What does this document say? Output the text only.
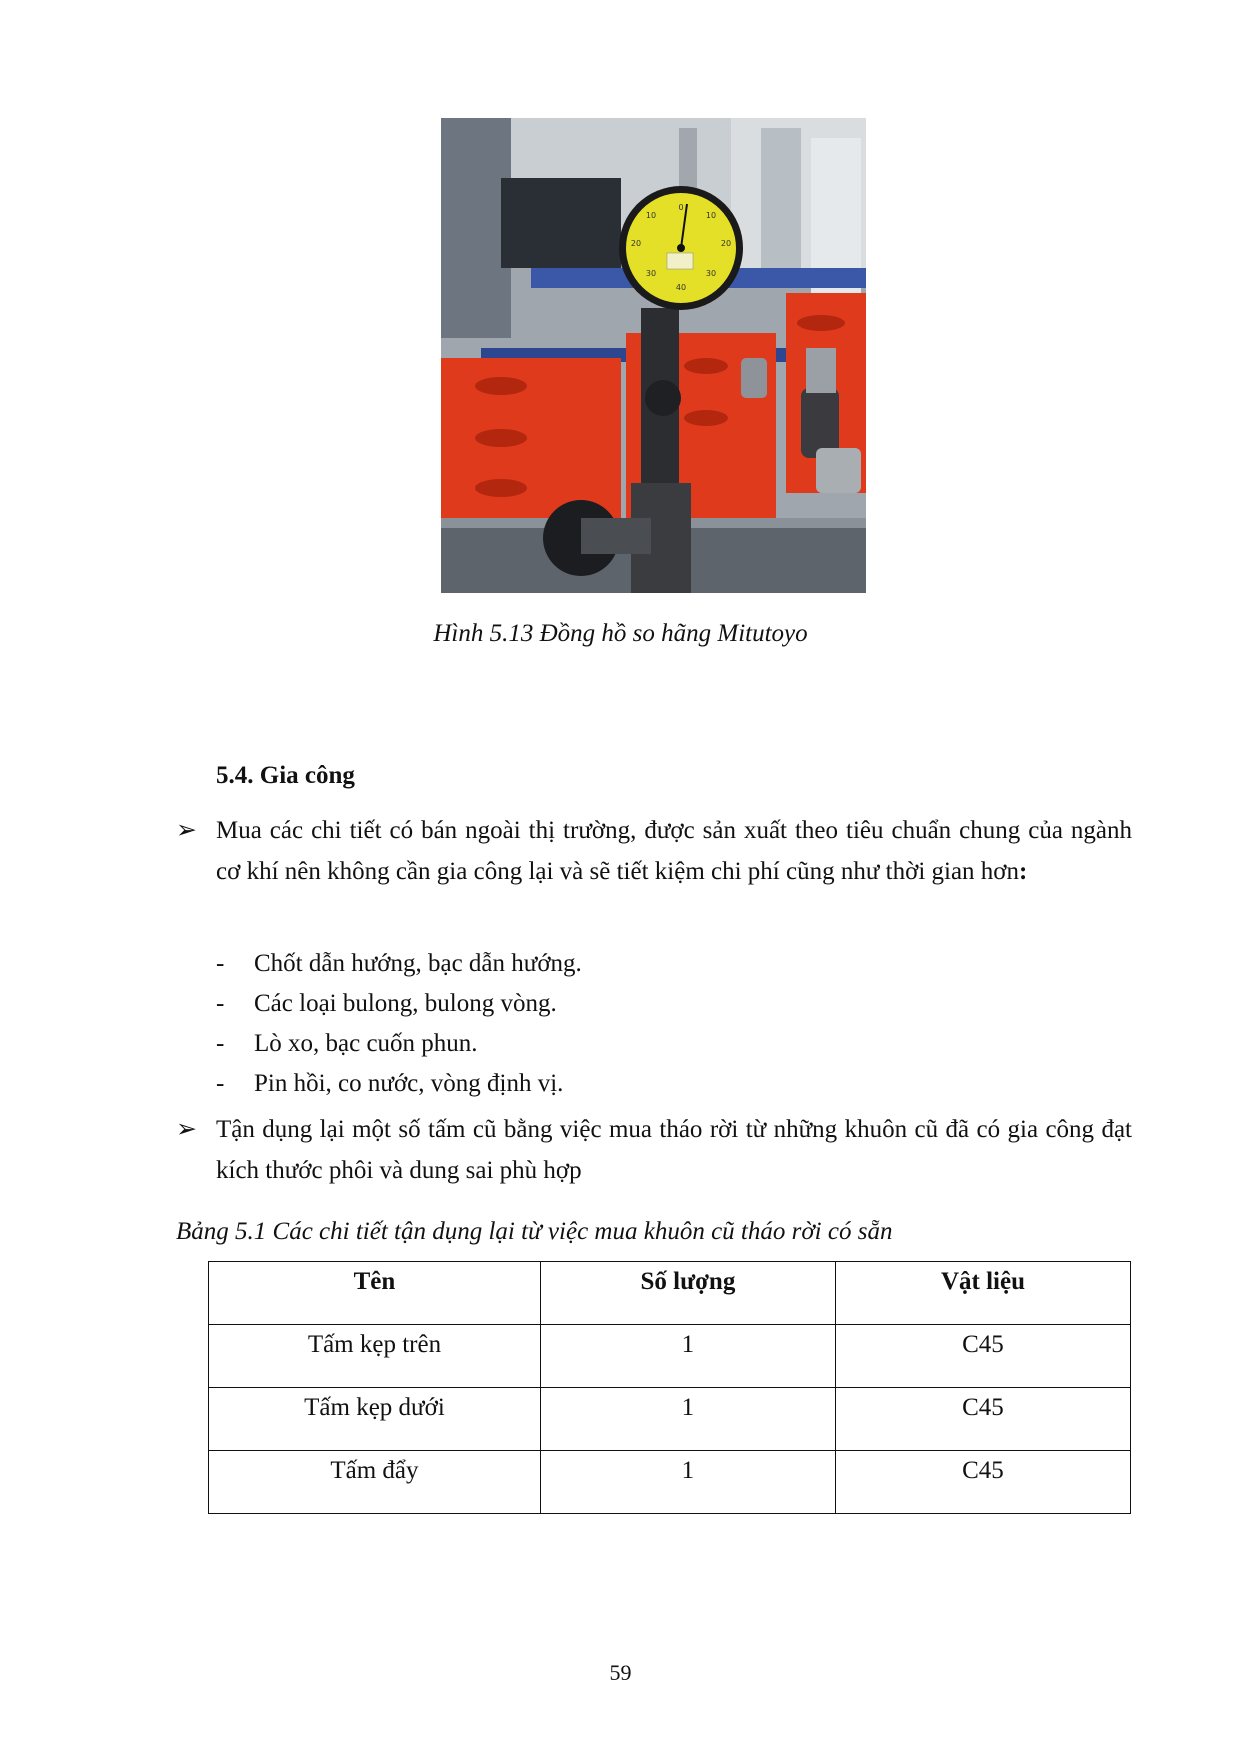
0
10
20
30
40
30
20
10
Hình 5.13 Đồng hồ so hãng Mitutoyo
5.4. Gia công
➢ Mua các chi tiết có bán ngoài thị trường, được sản xuất theo tiêu chuẩn chung của ngành cơ khí nên không cần gia công lại và sẽ tiết kiệm chi phí cũng như thời gian hơn:
- Chốt dẫn hướng, bạc dẫn hướng.
- Các loại bulong, bulong vòng.
- Lò xo, bạc cuốn phun.
- Pin hồi, co nước, vòng định vị.
➢ Tận dụng lại một số tấm cũ bằng việc mua tháo rời từ những khuôn cũ đã có gia công đạt kích thước phôi và dung sai phù hợp
Bảng 5.1 Các chi tiết tận dụng lại từ việc mua khuôn cũ tháo rời có sẵn
Tên	Số lượng	Vật liệu
Tấm kẹp trên	1	C45
Tấm kẹp dưới	1	C45
Tấm đẩy	1	C45
59
